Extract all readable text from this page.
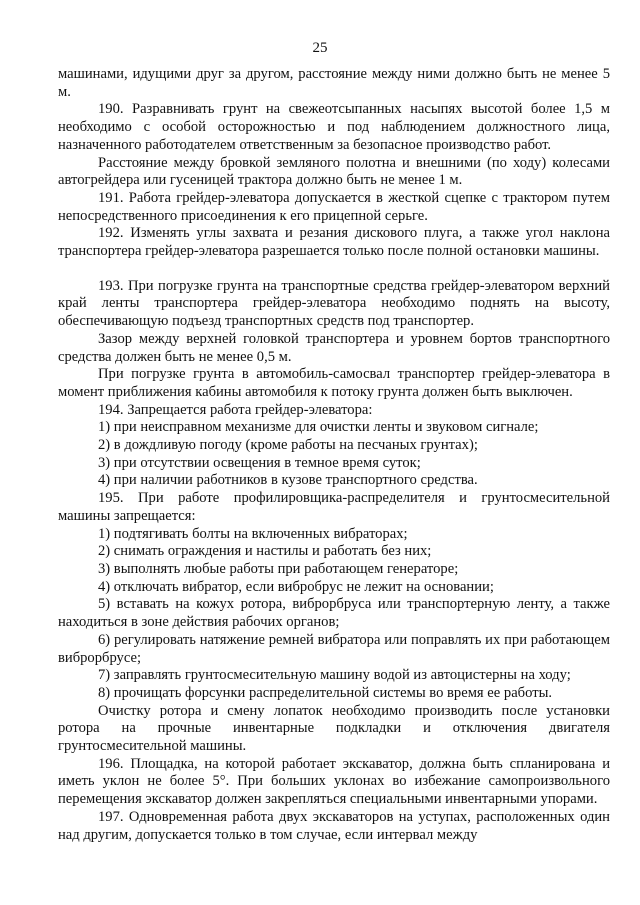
25

машинами, идущими друг за другом, расстояние между ними должно быть не менее 5 м.

190. Разравнивать грунт на свежеотсыпанных насыпях высотой более 1,5 м необходимо с особой осторожностью и под наблюдением должностного лица, назначенного работодателем ответственным за безопасное производство работ.

Расстояние между бровкой земляного полотна и внешними (по ходу) колесами автогрейдера или гусеницей трактора должно быть не менее 1 м.

191. Работа грейдер-элеватора допускается в жесткой сцепке с трактором путем непосредственного присоединения к его прицепной серьге.

192. Изменять углы захвата и резания дискового плуга, а также угол наклона транспортера грейдер-элеватора разрешается только после полной остановки машины.

193. При погрузке грунта на транспортные средства грейдер-элеватором верхний край ленты транспортера грейдер-элеватора необходимо поднять на высоту, обеспечивающую подъезд транспортных средств под транспортер.

Зазор между верхней головкой транспортера и уровнем бортов транспортного средства должен быть не менее 0,5 м.

При погрузке грунта в автомобиль-самосвал транспортер грейдер-элеватора в момент приближения кабины автомобиля к потоку грунта должен быть выключен.

194. Запрещается работа грейдер-элеватора:

1) при неисправном механизме для очистки ленты и звуковом сигнале;

2) в дождливую погоду (кроме работы на песчаных грунтах);

3) при отсутствии освещения в темное время суток;

4) при наличии работников в кузове транспортного средства.

195. При работе профилировщика-распределителя и грунтосмесительной машины запрещается:

1) подтягивать болты на включенных вибраторах;

2) снимать ограждения и настилы и работать без них;

3) выполнять любые работы при работающем генераторе;

4) отключать вибратор, если вибробрус не лежит на основании;

5) вставать на кожух ротора, виброрбруса или транспортерную ленту, а также находиться в зоне действия рабочих органов;

6) регулировать натяжение ремней вибратора или поправлять их при работающем виброрбрусе;

7) заправлять грунтосмесительную машину водой из автоцистерны на ходу;

8) прочищать форсунки распределительной системы во время ее работы.

Очистку ротора и смену лопаток необходимо производить после установки ротора на прочные инвентарные подкладки и отключения двигателя грунтосмесительной машины.

196. Площадка, на которой работает экскаватор, должна быть спланирована и иметь уклон не более 5°. При больших уклонах во избежание самопроизвольного перемещения экскаватор должен закрепляться специальными инвентарными упорами.

197. Одновременная работа двух экскаваторов на уступах, расположенных один над другим, допускается только в том случае, если интервал между
